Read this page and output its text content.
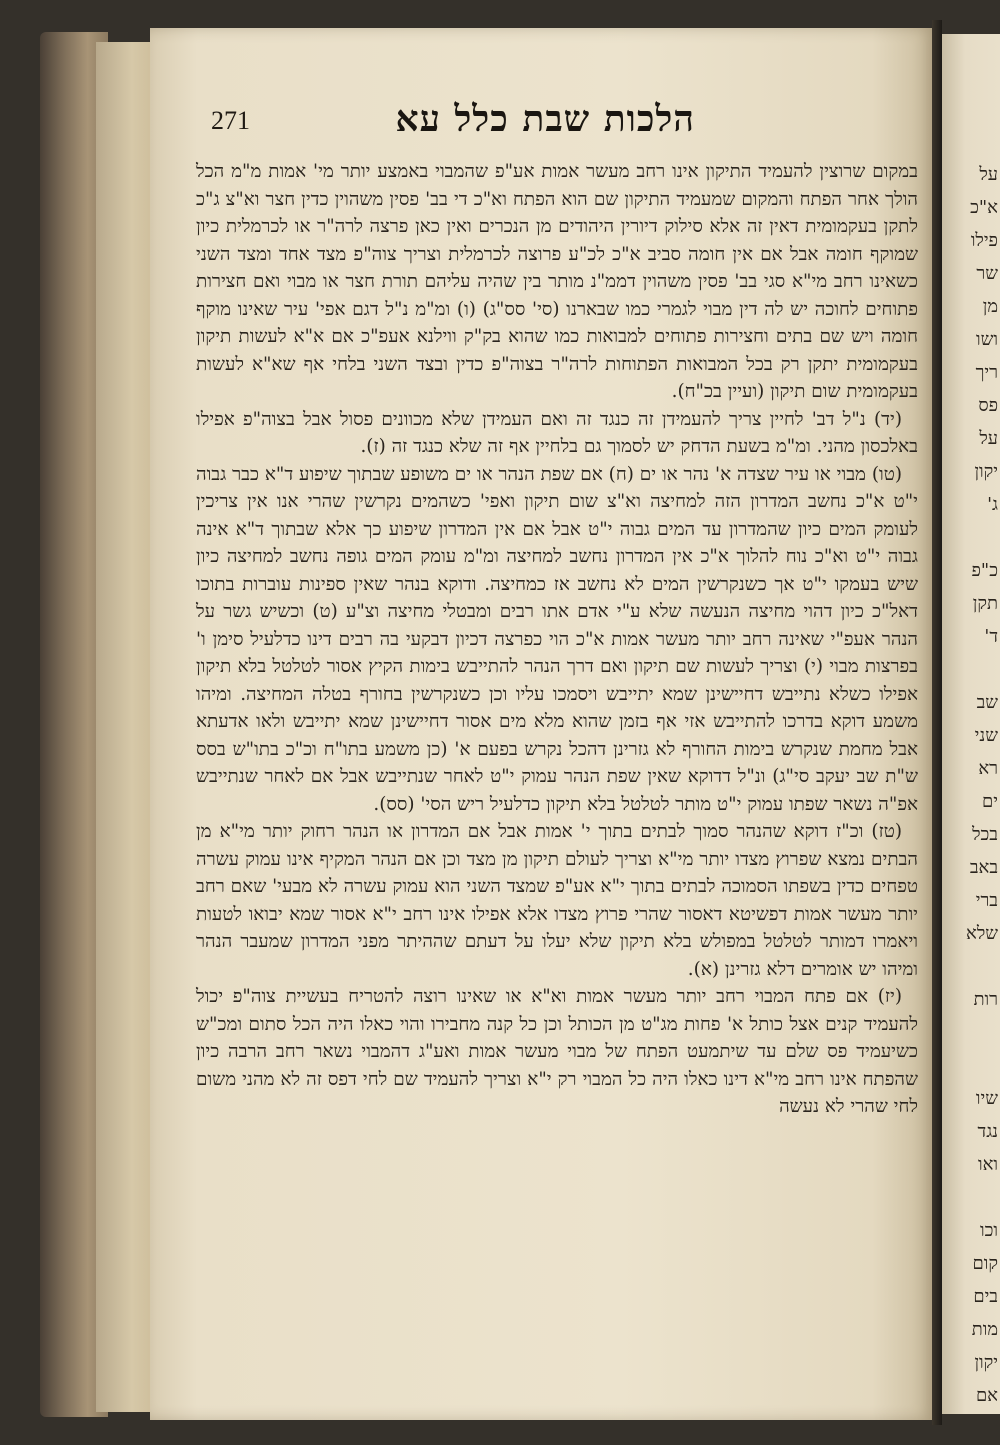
271	הלכות שבת כלל עא

במקום שרוצין להעמיד התיקון אינו רחב מעשר אמות אע"פ שהמבוי באמצע יותר מי' אמות מ"מ הכל הולך אחר הפתח והמקום שמעמיד התיקון שם הוא הפתח וא"כ די בב' פסין משהוין כדין חצר וא"צ ג"כ לתקן בעקמומית דאין זה אלא סילוק דיורין היהודים מן הנכרים ואין כאן פרצה לרה"ר או לכרמלית כיון שמוקף חומה אבל אם אין חומה סביב א"כ לכ"ע פרוצה לכרמלית וצריך צוה"פ מצד אחד ומצד השני כשאינו רחב מי"א סגי בב' פסין משהוין דממ"נ מותר בין שהיה עליהם תורת חצר או מבוי ואם חצירות פתוחים לחוכה יש לה דין מבוי לגמרי כמו שבארנו (סי' סס"ג) (ו) ומ"מ נ"ל דגם אפי' עיר שאינו מוקף חומה ויש שם בתים וחצירות פתוחים למבואות כמו שהוא בק"ק ווילנא אעפ"כ אם א"א לעשות תיקון בעקמומית יתקן רק בכל המבואות הפתוחות לרה"ר בצוה"פ כדין ובצד השני בלחי אף שא"א לעשות בעקמומית שום תיקון (ועיין בכ"ח).

(יד) נ"ל דב' לחיין צריך להעמידן זה כנגד זה ואם העמידן שלא מכוונים פסול אבל בצוה"פ אפילו באלכסון מהני. ומ"מ בשעת הדחק יש לסמוך גם בלחיין אף זה שלא כנגד זה (ז).

(טו) מבוי או עיר שצדה א' נהר או ים (ח) אם שפת הנהר או ים משופע שבתוך שיפוע ד"א כבר גבוה י"ט א"כ נחשב המדרון הזה למחיצה וא"צ שום תיקון ואפי' כשהמים נקרשין שהרי אנו אין צריכין לעומק המים כיון שהמדרון עד המים גבוה י"ט אבל אם אין המדרון שיפוע כך אלא שבתוך ד"א אינה גבוה י"ט וא"כ נוח להלוך א"כ אין המדרון נחשב למחיצה ומ"מ עומק המים גופה נחשב למחיצה כיון שיש בעמקו י"ט אך כשנקרשין המים לא נחשב אז כמחיצה. ודוקא בנהר שאין ספינות עוברות בתוכו דאל"כ כיון דהוי מחיצה הנעשה שלא ע"י אדם אתו רבים ומבטלי מחיצה וצ"ע (ט) וכשיש גשר על הנהר אעפ"י שאינה רחב יותר מעשר אמות א"כ הוי כפרצה דכיון דבקעי בה רבים דינו כדלעיל סימן ו' בפרצות מבוי (י) וצריך לעשות שם תיקון ואם דרך הנהר להתייבש בימות הקיץ אסור לטלטל בלא תיקון אפילו כשלא נתייבש דחיישינן שמא יתייבש ויסמכו עליו וכן כשנקרשין בחורף בטלה המחיצה. ומיהו משמע דוקא בדרכו להתייבש אזי אף בזמן שהוא מלא מים אסור דחיישינן שמא יתייבש ולאו אדעתא אבל מחמת שנקרש בימות החורף לא גזרינן דהכל נקרש בפעם א' (כן משמע בתו"ח וכ"כ בתו"ש בסס ש"ת שב יעקב סי"ג) ונ"ל דדוקא שאין שפת הנהר עמוק י"ט לאחר שנתייבש אבל אם לאחר שנתייבש אפ"ה נשאר שפתו עמוק י"ט מותר לטלטל בלא תיקון כדלעיל ריש הסי' (סס).

(טז) וכ"ז דוקא שהנהר סמוך לבתים בתוך י' אמות אבל אם המדרון או הנהר רחוק יותר מי"א מן הבתים נמצא שפרוץ מצדו יותר מי"א וצריך לעולם תיקון מן מצד וכן אם הנהר המקיף אינו עמוק עשרה טפחים כדין בשפתו הסמוכה לבתים בתוך י"א אע"פ שמצד השני הוא עמוק עשרה לא מבעי' שאם רחב יותר מעשר אמות דפשיטא דאסור שהרי פרוץ מצדו אלא אפילו אינו רחב י"א אסור שמא יבואו לטעות ויאמרו דמותר לטלטל במפולש בלא תיקון שלא יעלו על דעתם שההיתר מפני המדרון שמעבר הנהר ומיהו יש אומרים דלא גזרינן (א).

(יז) אם פתח המבוי רחב יותר מעשר אמות וא"א או שאינו רוצה להטריח בעשיית צוה"פ יכול להעמיד קנים אצל כותל א' פחות מג"ט מן הכותל וכן כל קנה מחבירו והוי כאלו היה הכל סתום ומכ"ש כשיעמיד פס שלם עד שיתמעט הפתח של מבוי מעשר אמות ואע"ג דהמבוי נשאר רחב הרבה כיון שהפתח אינו רחב מי"א דינו כאלו היה כל המבוי רק י"א וצריך להעמיד שם לחי דפס זה לא מהני משום לחי שהרי לא נעשה

על
א"כ
פילו
שר
מן
ושו
ריך
פס
על
יקון
ג'
כ"פ
תקן
ד'
שב
שני
רא
ים
בכל
באב
ברי
שלא
רות
שיו
נגד
ואו
וכו
קום
בים
מות
יקון
אם
